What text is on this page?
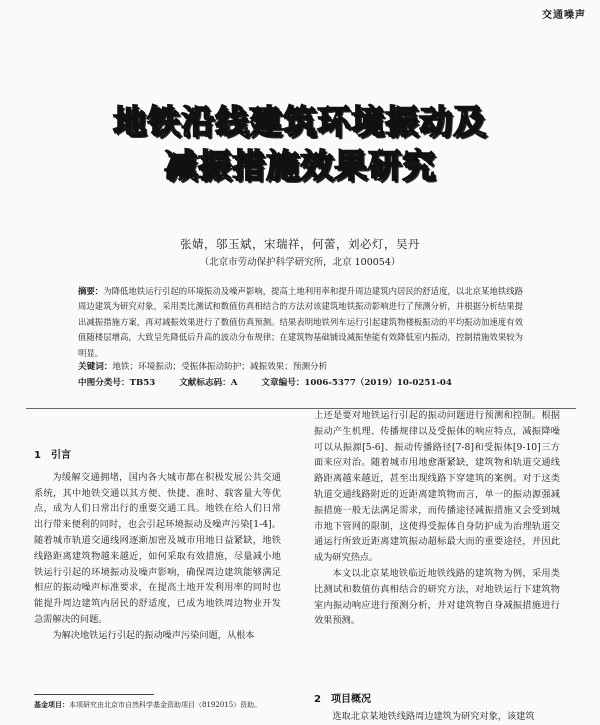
交通噪声
地铁沿线建筑环境振动及
减振措施效果研究
张婧，邬玉斌，宋瑞祥，何蕾，刘必灯，吴丹
（北京市劳动保护科学研究所，北京 100054）
摘要：为降低地铁运行引起的环境振动及噪声影响，提高土地利用率和提升周边建筑内居民的舒适度，以北京某地铁线路周边建筑为研究对象，采用类比测试和数值仿真相结合的方法对该建筑地铁振动影响进行了预测分析，并根据分析结果提出减振措施方案，再对减振效果进行了数值仿真预测。结果表明地铁列车运行引起建筑物楼板振动的平均振动加速度有效值随楼层增高，大致呈先降低后升高的波动分布规律；在建筑物基础铺设减振垫能有效降低室内振动，控制措施效果较为明显。
关键词：地铁；环境振动；受振体振动防护；减振效果；预测分析
中图分类号：TB53	文献标志码：A	文章编号：1006-5377（2019）10-0251-04
1　引言

为缓解交通拥堵，国内各大城市都在积极发展公共交通系统，其中地铁交通以其方便、快捷、准时、载客量大等优点，成为人们日常出行的重要交通工具。地铁在给人们日常出行带来便利的同时，也会引起环境振动及噪声污染[1-4]。随着城市轨道交通线网逐渐加密及城市用地日益紧缺，地铁线路距离建筑物越来越近，如何采取有效措施，尽量减小地铁运行引起的环境振动及噪声影响，确保周边建筑能够满足相应的振动噪声标准要求，在提高土地开发利用率的同时也能提升周边建筑内居民的舒适度，已成为地铁周边物业开发急需解决的问题。

为解决地铁运行引起的振动噪声污染问题，从根本

上还是要对地铁运行引起的振动问题进行预测和控制。根据振动产生机理、传播规律以及受振体的响应特点，减振降噪可以从振源[5-6]、振动传播路径[7-8]和受振体[9-10]三方面来应对治。随着城市用地愈渐紧缺，建筑物和轨道交通线路距离越来越近，甚至出现线路下穿建筑的案例。对于这类轨道交通线路附近的近距离建筑物而言，单一的振动源强减振措施一般无法满足需求，而传播途径减振措施又会受到城市地下管网的限制，这使得受振体自身防护成为治理轨道交通运行所致近距离建筑振动超标最大而的重要途径，并因此成为研究热点。

本文以北京某地铁临近地铁线路的建筑物为例，采用类比测试和数值仿真相结合的研究方法，对地铁运行下建筑物室内振动响应进行预测分析，并对建筑物自身减振措施进行效果预测。

基金项目：本项研究由北京市自然科学基金资助项目（8192015）资助。	2　项目概况
选取北京某地铁线路周边建筑为研究对象，该建筑
